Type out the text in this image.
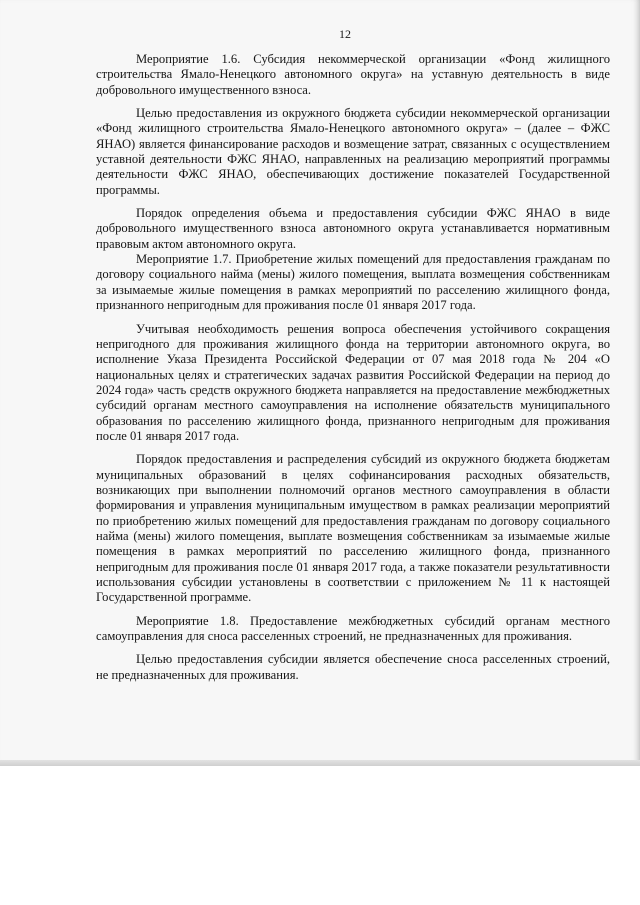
12

Мероприятие 1.6. Субсидия некоммерческой организации «Фонд жилищного строительства Ямало-Ненецкого автономного округа» на уставную деятельность в виде добровольного имущественного взноса.

Целью предоставления из окружного бюджета субсидии некоммерческой организации «Фонд жилищного строительства Ямало-Ненецкого автономного округа» – (далее – ФЖС ЯНАО) является финансирование расходов и возмещение затрат, связанных с осуществлением уставной деятельности ФЖС ЯНАО, направленных на реализацию мероприятий программы деятельности ФЖС ЯНАО, обеспечивающих достижение показателей Государственной программы.

Порядок определения объема и предоставления субсидии ФЖС ЯНАО в виде добровольного имущественного взноса автономного округа устанавливается нормативным правовым актом автономного округа.

Мероприятие 1.7. Приобретение жилых помещений для предоставления гражданам по договору социального найма (мены) жилого помещения, выплата возмещения собственникам за изымаемые жилые помещения в рамках мероприятий по расселению жилищного фонда, признанного непригодным для проживания после 01 января 2017 года.

Учитывая необходимость решения вопроса обеспечения устойчивого сокращения непригодного для проживания жилищного фонда на территории автономного округа, во исполнение Указа Президента Российской Федерации от 07 мая 2018 года № 204 «О национальных целях и стратегических задачах развития Российской Федерации на период до 2024 года» часть средств окружного бюджета направляется на предоставление межбюджетных субсидий органам местного самоуправления на исполнение обязательств муниципального образования по расселению жилищного фонда, признанного непригодным для проживания после 01 января 2017 года.

Порядок предоставления и распределения субсидий из окружного бюджета бюджетам муниципальных образований в целях софинансирования расходных обязательств, возникающих при выполнении полномочий органов местного самоуправления в области формирования и управления муниципальным имуществом в рамках реализации мероприятий по приобретению жилых помещений для предоставления гражданам по договору социального найма (мены) жилого помещения, выплате возмещения собственникам за изымаемые жилые помещения в рамках мероприятий по расселению жилищного фонда, признанного непригодным для проживания после 01 января 2017 года, а также показатели результативности использования субсидии установлены в соответствии с приложением № 11 к настоящей Государственной программе.

Мероприятие 1.8. Предоставление межбюджетных субсидий органам местного самоуправления для сноса расселенных строений, не предназначенных для проживания.

Целью предоставления субсидии является обеспечение сноса расселенных строений, не предназначенных для проживания.
